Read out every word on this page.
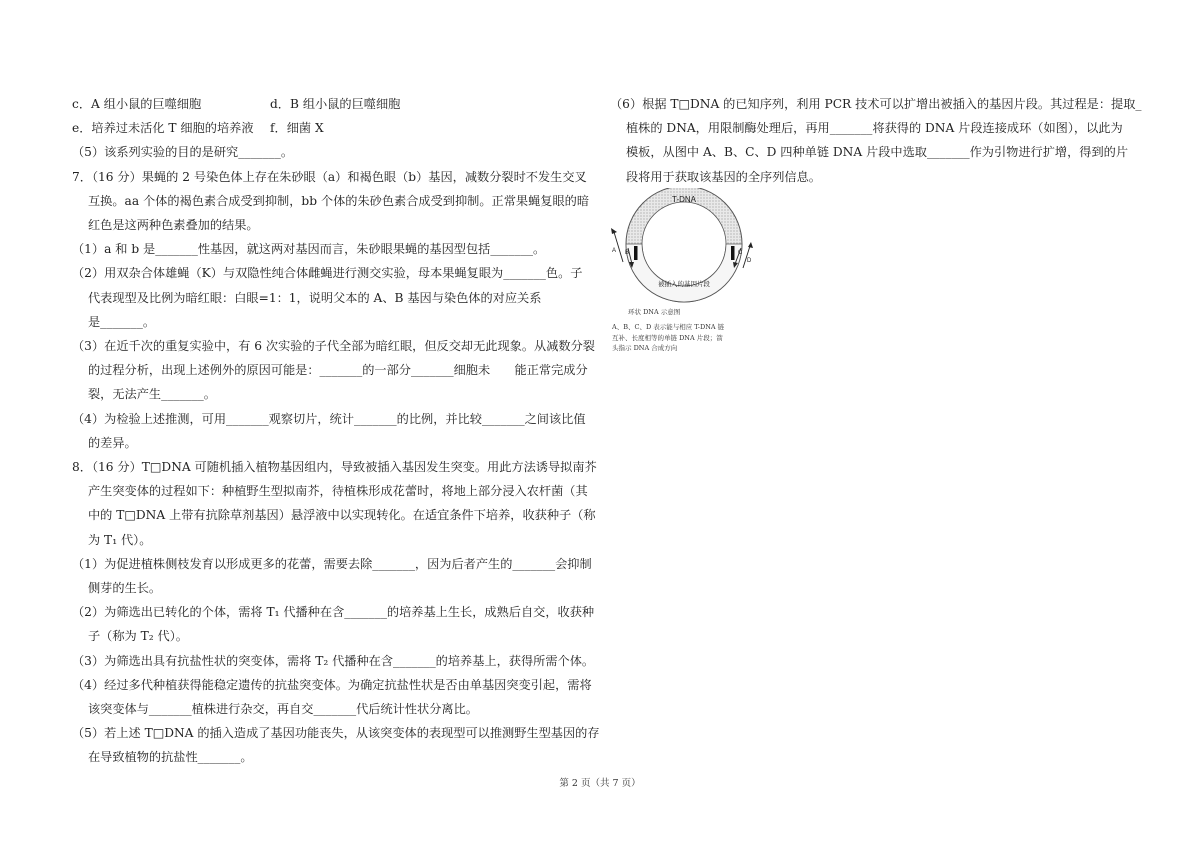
c．A 组小鼠的巨噬细胞	d．B 组小鼠的巨噬细胞
e．培养过未活化 T 细胞的培养液 f．细菌 X

（5）该系列实验的目的是研究_______。

7．（16 分）果蝇的 2 号染色体上存在朱砂眼（a）和褐色眼（b）基因，减数分裂时不发生交叉

互换。aa 个体的褐色素合成受到抑制，bb 个体的朱砂色素合成受到抑制。正常果蝇复眼的暗

红色是这两种色素叠加的结果。

（1）a 和 b 是_______性基因，就这两对基因而言，朱砂眼果蝇的基因型包括_______。

（2）用双杂合体雄蝇（K）与双隐性纯合体雌蝇进行测交实验，母本果蝇复眼为_______色。子

代表现型及比例为暗红眼：白眼=1：1，说明父本的 A、B 基因与染色体的对应关系

是_______。

（3）在近千次的重复实验中，有 6 次实验的子代全部为暗红眼，但反交却无此现象。从减数分裂

的过程分析，出现上述例外的原因可能是：_______的一部分_______细胞未　　能正常完成分

裂，无法产生_______。

（4）为检验上述推测，可用_______观察切片，统计_______的比例，并比较_______之间该比值

的差异。

8．（16 分）T□DNA 可随机插入植物基因组内，导致被插入基因发生突变。用此方法诱导拟南芥

产生突变体的过程如下：种植野生型拟南芥，待植株形成花蕾时，将地上部分浸入农杆菌（其

中的 T□DNA 上带有抗除草剂基因）悬浮液中以实现转化。在适宜条件下培养，收获种子（称

为 T₁ 代）。

（1）为促进植株侧枝发育以形成更多的花蕾，需要去除_______，因为后者产生的_______会抑制

侧芽的生长。

（2）为筛选出已转化的个体，需将 T₁ 代播种在含_______的培养基上生长，成熟后自交，收获种

子（称为 T₂ 代）。

（3）为筛选出具有抗盐性状的突变体，需将 T₂ 代播种在含_______的培养基上，获得所需个体。

（4）经过多代种植获得能稳定遗传的抗盐突变体。为确定抗盐性状是否由单基因突变引起，需将

该突变体与_______植株进行杂交，再自交_______代后统计性状分离比。

（5）若上述 T□DNA 的插入造成了基因功能丧失，从该突变体的表现型可以推测野生型基因的存

在导致植物的抗盐性_______。

（6）根据 T□DNA 的已知序列，利用 PCR 技术可以扩增出被插入的基因片段。其过程是：提取_

植株的 DNA，用限制酶处理后，再用_______将获得的 DNA 片段连接成环（如图），以此为

模板，从图中 A、B、C、D 四种单链 DNA 片段中选取_______作为引物进行扩增，得到的片

段将用于获取该基因的全序列信息。

T-DNA
被插入的基因片段
A B	C
D
环状 DNA 示意图
A、B、C、D 表示能与相应 T-DNA 链
互补、长度相等的单链 DNA 片段；箭
头指示 DNA 合成方向
第 2 页（共 7 页）
